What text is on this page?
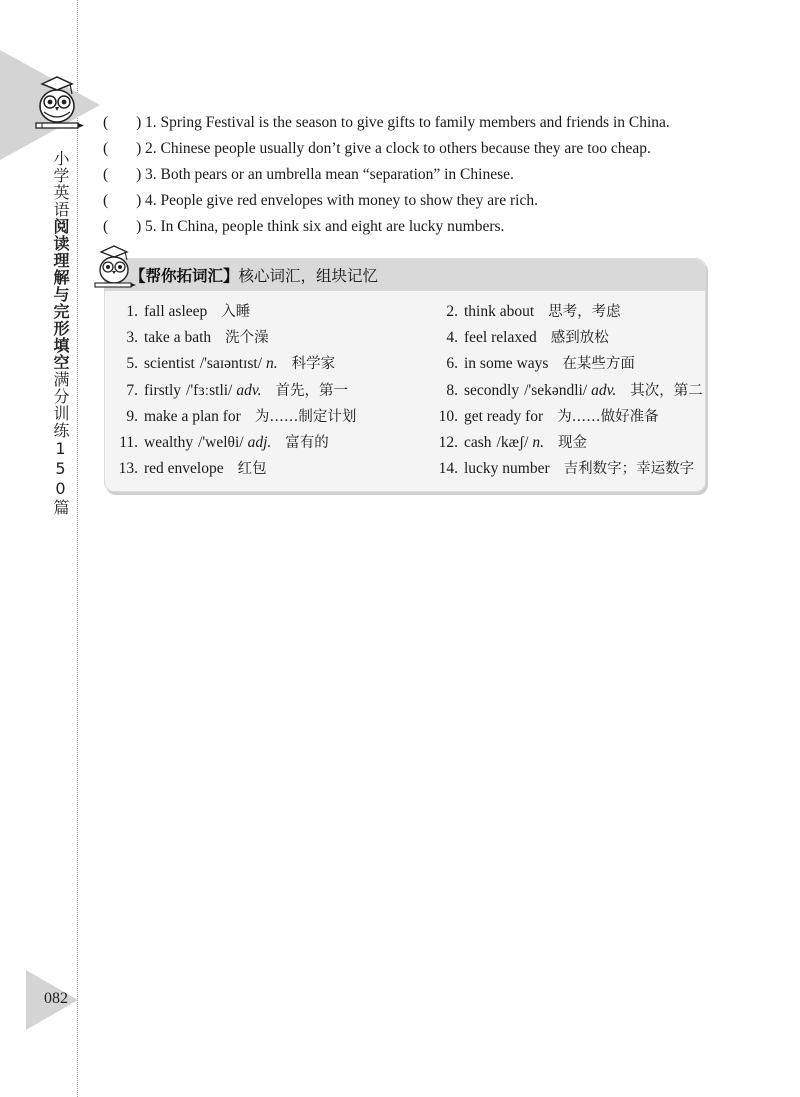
小学英语阅读理解与完形填空满分训练150篇
082
( ) 1. Spring Festival is the season to give gifts to family members and friends in China.
( ) 2. Chinese people usually don’t give a clock to others because they are too cheap.
( ) 3. Both pears or an umbrella mean “separation” in Chinese.
( ) 4. People give red envelopes with money to show they are rich.
( ) 5. In China, people think six and eight are lucky numbers.
【帮你拓词汇】核心词汇，组块记忆
1. fall asleep 入睡	2. think about 思考，考虑
3. take a bath 洗个澡	4. feel relaxed 感到放松
5. scientist /'saɪəntɪst/ n. 科学家	6. in some ways 在某些方面
7. firstly /'fɜːstli/ adv. 首先，第一	8. secondly /'sekəndli/ adv. 其次，第二
9. make a plan for 为……制定计划	10. get ready for 为……做好准备
11. wealthy /'welθi/ adj. 富有的	12. cash /kæʃ/ n. 现金
13. red envelope 红包	14. lucky number 吉利数字；幸运数字
